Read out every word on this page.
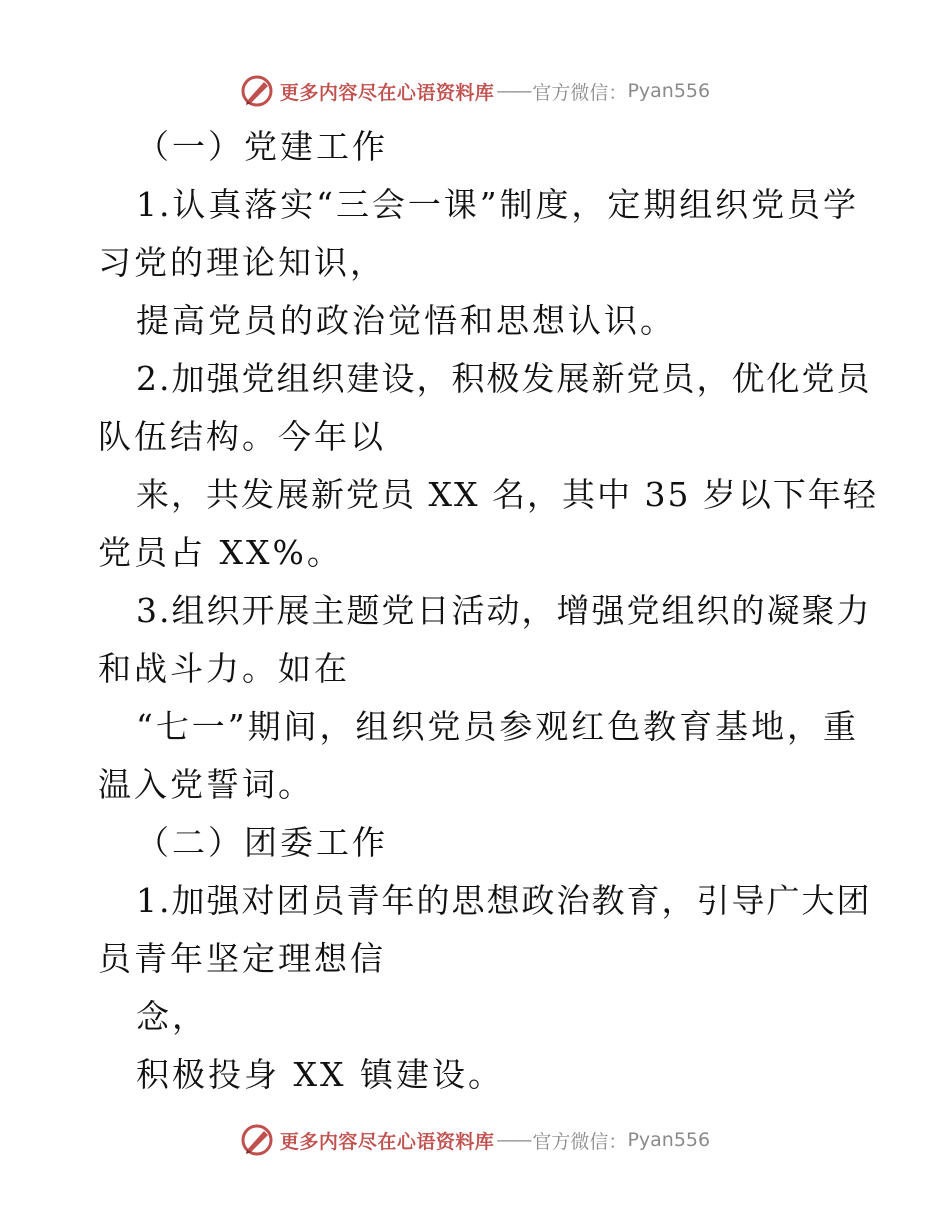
更多内容尽在心语资料库 —— 官方微信： Pyan556
（一）党建工作
1.认真落实“三会一课”制度，定期组织党员学
习党的理论知识，
提高党员的政治觉悟和思想认识。
2.加强党组织建设，积极发展新党员，优化党员
队伍结构。今年以
来，共发展新党员 XX 名，其中 35 岁以下年轻
党员占 XX%。
3.组织开展主题党日活动，增强党组织的凝聚力
和战斗力。如在
“七一”期间，组织党员参观红色教育基地，重
温入党誓词。
（二）团委工作
1.加强对团员青年的思想政治教育，引导广大团
员青年坚定理想信
念，
积极投身 XX 镇建设。
更多内容尽在心语资料库 —— 官方微信： Pyan556
